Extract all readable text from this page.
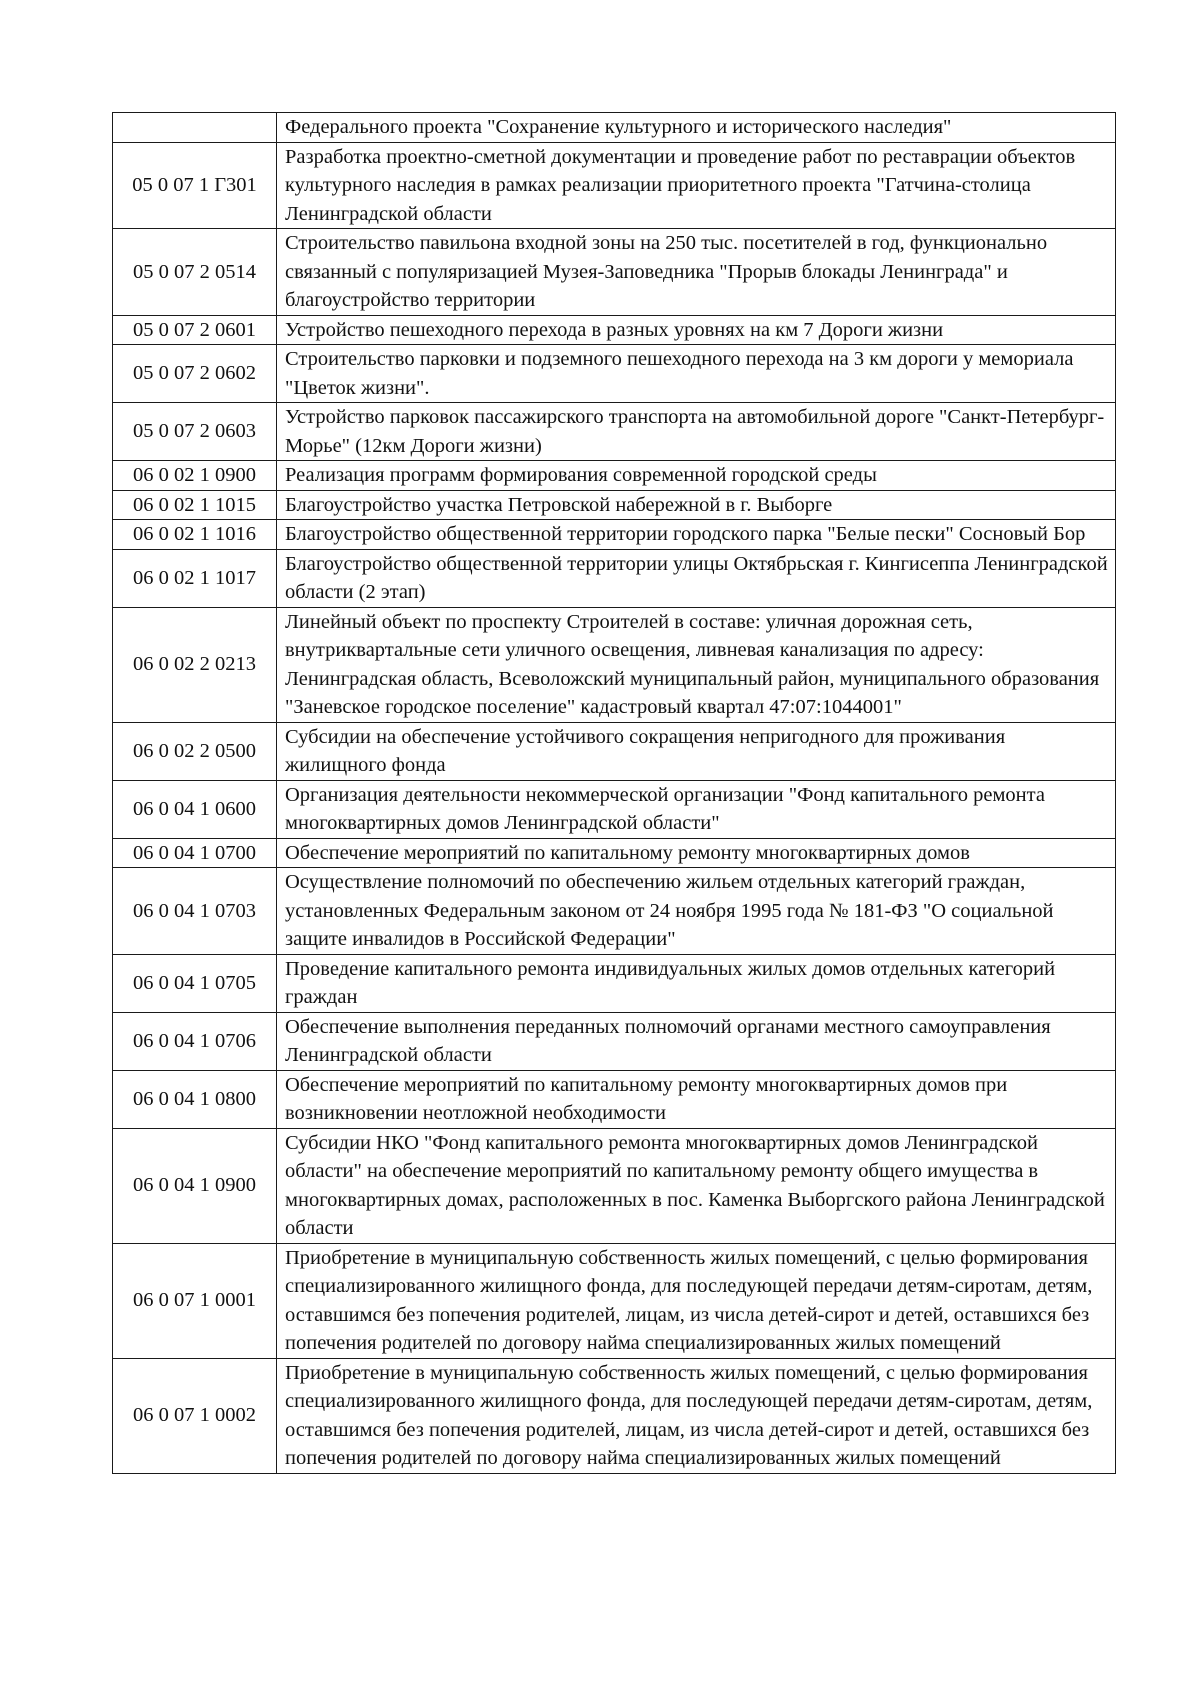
	Федерального проекта "Сохранение культурного и исторического наследия"
05 0 07 1 Г301	Разработка проектно-сметной документации и проведение работ по реставрации объектов культурного наследия в рамках реализации приоритетного проекта "Гатчина-столица Ленинградской области
05 0 07 2 0514	Строительство павильона входной зоны на 250 тыс. посетителей в год, функционально связанный с популяризацией Музея-Заповедника "Прорыв блокады Ленинграда" и благоустройство территории
05 0 07 2 0601	Устройство пешеходного перехода в разных уровнях на км 7 Дороги жизни
05 0 07 2 0602	Строительство парковки и подземного пешеходного перехода на 3 км дороги у мемориала "Цветок жизни".
05 0 07 2 0603	Устройство парковок пассажирского транспорта на автомобильной дороге "Санкт-Петербург-Морье" (12км Дороги жизни)
06 0 02 1 0900	Реализация программ формирования современной городской среды
06 0 02 1 1015	Благоустройство участка Петровской набережной в г. Выборге
06 0 02 1 1016	Благоустройство общественной территории городского парка "Белые пески" Сосновый Бор
06 0 02 1 1017	Благоустройство общественной территории улицы Октябрьская г. Кингисеппа Ленинградской области (2 этап)
06 0 02 2 0213	Линейный объект по проспекту Строителей в составе: уличная дорожная сеть, внутриквартальные сети уличного освещения, ливневая канализация по адресу: Ленинградская область, Всеволожский муниципальный район, муниципального образования "Заневское городское поселение" кадастровый квартал 47:07:1044001"
06 0 02 2 0500	Субсидии на обеспечение устойчивого сокращения непригодного для проживания жилищного фонда
06 0 04 1 0600	Организация деятельности некоммерческой организации "Фонд капитального ремонта многоквартирных домов Ленинградской области"
06 0 04 1 0700	Обеспечение мероприятий по капитальному ремонту многоквартирных домов
06 0 04 1 0703	Осуществление полномочий по обеспечению жильем отдельных категорий граждан, установленных Федеральным законом от 24 ноября 1995 года № 181-ФЗ "О социальной защите инвалидов в Российской Федерации"
06 0 04 1 0705	Проведение капитального ремонта индивидуальных жилых домов отдельных категорий граждан
06 0 04 1 0706	Обеспечение выполнения переданных полномочий органами местного самоуправления Ленинградской области
06 0 04 1 0800	Обеспечение мероприятий по капитальному ремонту многоквартирных домов при возникновении неотложной необходимости
06 0 04 1 0900	Субсидии НКО "Фонд капитального ремонта многоквартирных домов Ленинградской области" на обеспечение мероприятий по капитальному ремонту общего имущества в многоквартирных домах, расположенных в пос. Каменка Выборгского района Ленинградской области
06 0 07 1 0001	Приобретение в муниципальную собственность жилых помещений, с целью формирования специализированного жилищного фонда, для последующей передачи детям-сиротам, детям, оставшимся без попечения родителей, лицам, из числа детей-сирот и детей, оставшихся без попечения родителей по договору найма специализированных жилых помещений
06 0 07 1 0002	Приобретение в муниципальную собственность жилых помещений, с целью формирования специализированного жилищного фонда, для последующей передачи детям-сиротам, детям, оставшимся без попечения родителей, лицам, из числа детей-сирот и детей, оставшихся без попечения родителей по договору найма специализированных жилых помещений
